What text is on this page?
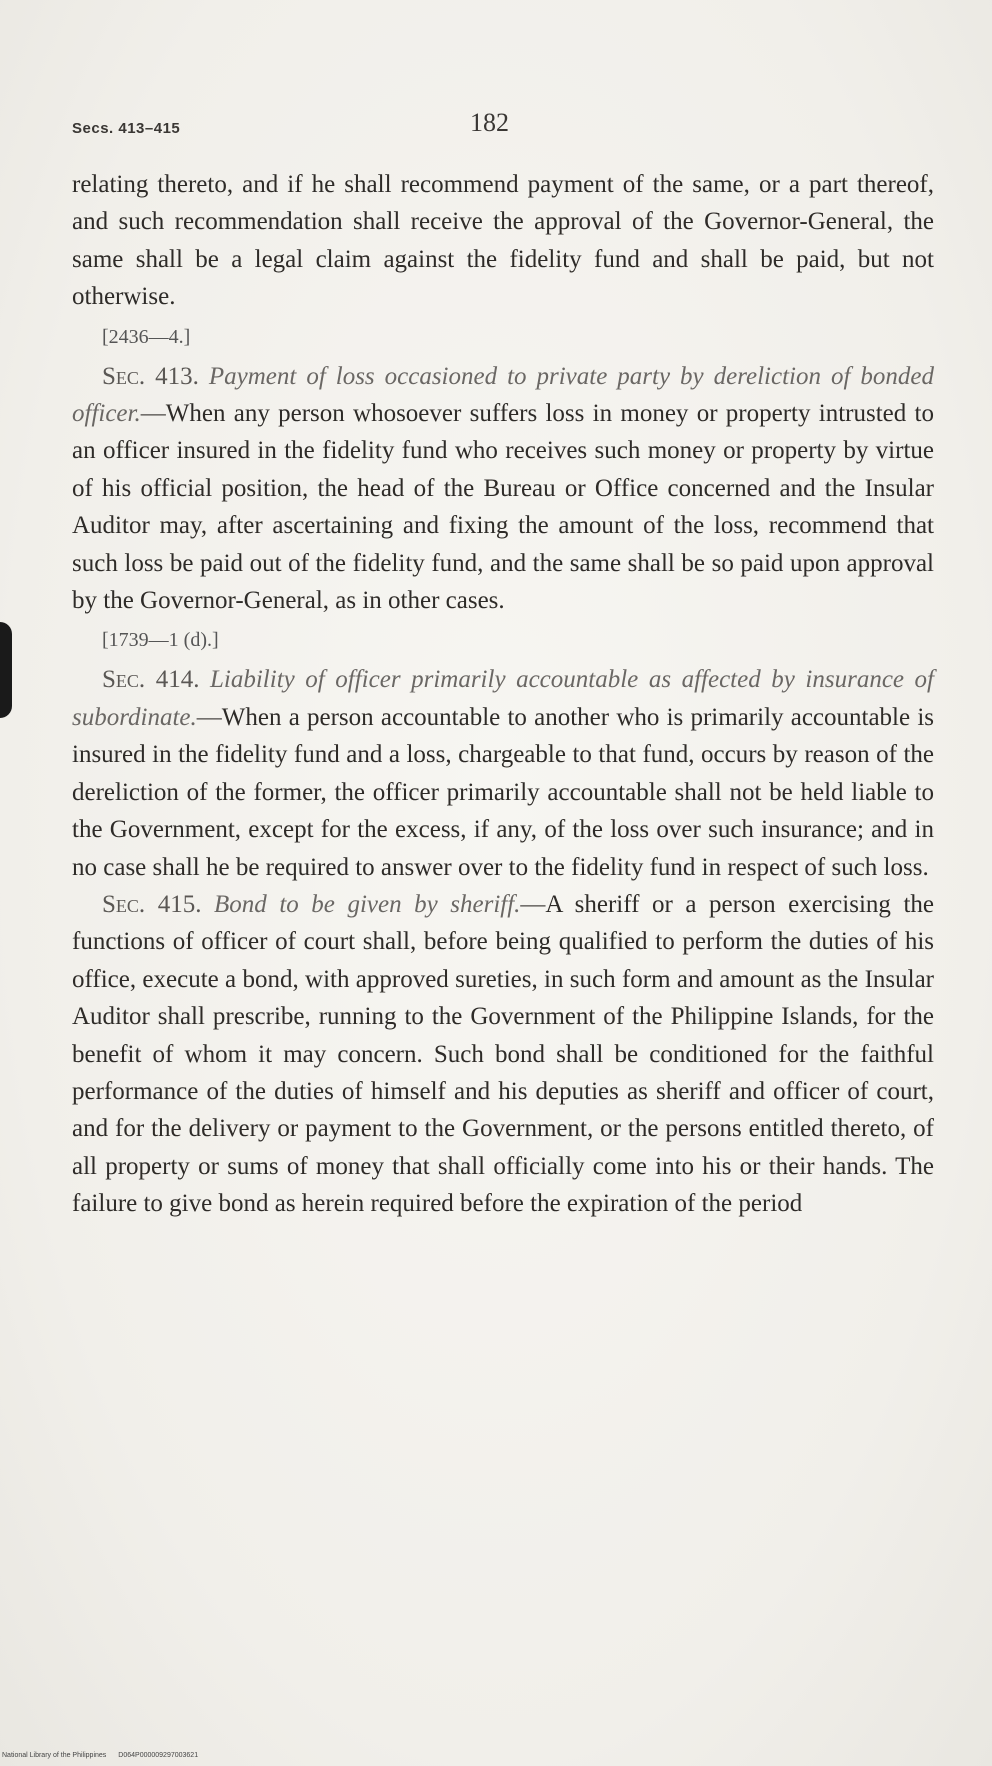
Secs. 413–415	182

relating thereto, and if he shall recommend payment of the same, or a part thereof, and such recommendation shall receive the approval of the Governor-General, the same shall be a legal claim against the fidelity fund and shall be paid, but not otherwise.

[2436—4.]

Sec. 413. Payment of loss occasioned to private party by dereliction of bonded officer.—When any person whosoever suffers loss in money or property intrusted to an officer insured in the fidelity fund who receives such money or property by virtue of his official position, the head of the Bureau or Office concerned and the Insular Auditor may, after ascertaining and fixing the amount of the loss, recommend that such loss be paid out of the fidelity fund, and the same shall be so paid upon approval by the Governor-General, as in other cases.

[1739—1 (d).]

Sec. 414. Liability of officer primarily accountable as affected by insurance of subordinate.—When a person accountable to another who is primarily accountable is insured in the fidelity fund and a loss, chargeable to that fund, occurs by reason of the dereliction of the former, the officer primarily accountable shall not be held liable to the Government, except for the excess, if any, of the loss over such insurance; and in no case shall he be required to answer over to the fidelity fund in respect of such loss.

Sec. 415. Bond to be given by sheriff.—A sheriff or a person exercising the functions of officer of court shall, before being qualified to perform the duties of his office, execute a bond, with approved sureties, in such form and amount as the Insular Auditor shall prescribe, running to the Government of the Philippine Islands, for the benefit of whom it may concern. Such bond shall be conditioned for the faithful performance of the duties of himself and his deputies as sheriff and officer of court, and for the delivery or payment to the Government, or the persons entitled thereto, of all property or sums of money that shall officially come into his or their hands. The failure to give bond as herein required before the expiration of the period

National Library of the Philippines D064P000009297003621
